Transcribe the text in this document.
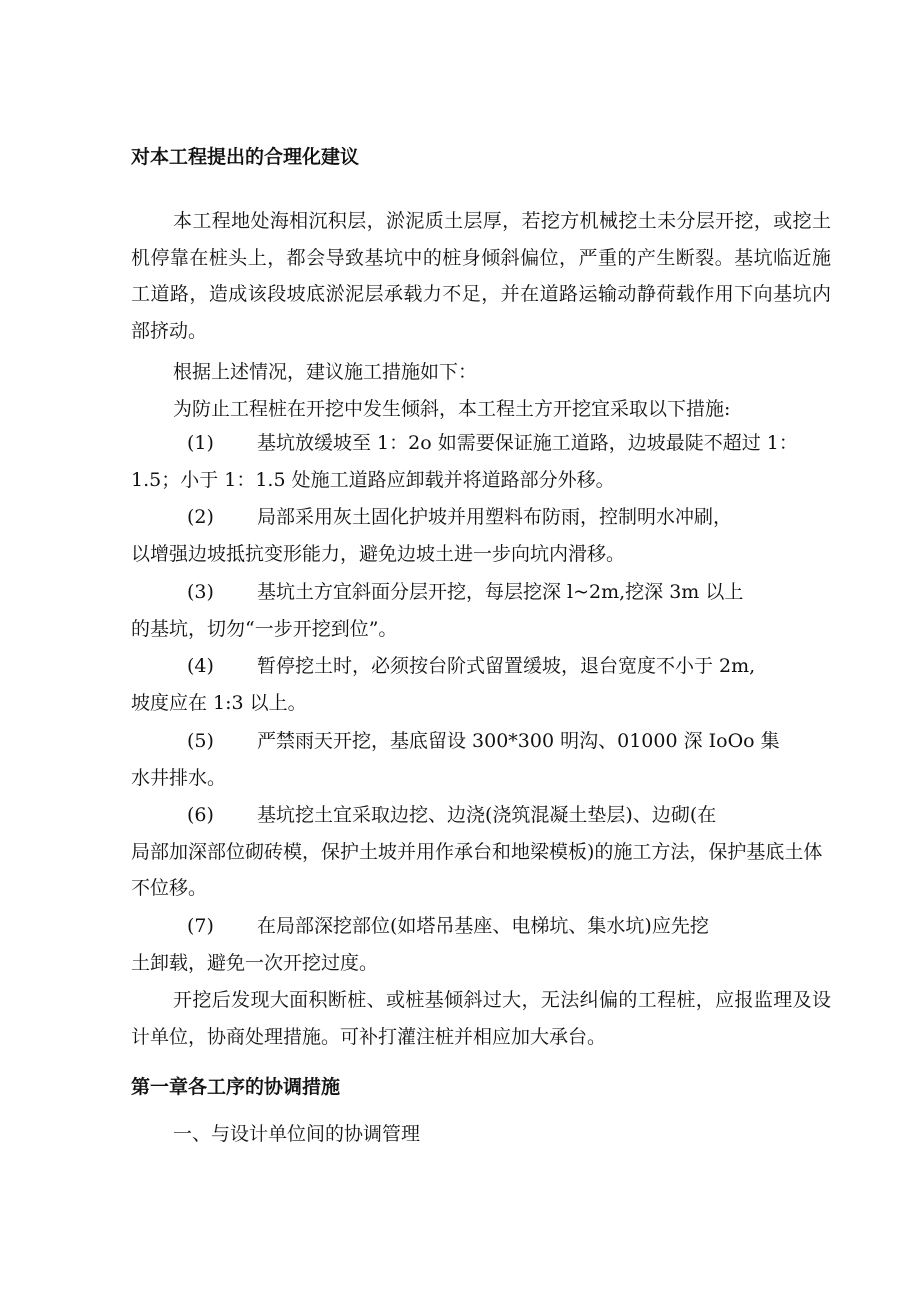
对本工程提出的合理化建议

本工程地处海相沉积层，淤泥质土层厚，若挖方机械挖土未分层开挖，或挖土机停靠在桩头上，都会导致基坑中的桩身倾斜偏位，严重的产生断裂。基坑临近施工道路，造成该段坡底淤泥层承载力不足，并在道路运输动静荷载作用下向基坑内部挤动。

根据上述情况，建议施工措施如下：

为防止工程桩在开挖中发生倾斜，本工程土方开挖宜采取以下措施:

(1) 基坑放缓坡至 1：2o 如需要保证施工道路，边坡最陡不超过 1：
1.5；小于 1：1.5 处施工道路应卸载并将道路部分外移。
(2) 局部采用灰土固化护坡并用塑料布防雨，控制明水冲刷，
以增强边坡抵抗变形能力，避免边坡土进一步向坑内滑移。
(3) 基坑土方宜斜面分层开挖，每层挖深 l~2m,挖深 3m 以上
的基坑，切勿“一步开挖到位”。
(4) 暂停挖土时，必须按台阶式留置缓坡，退台宽度不小于 2m,
坡度应在 1:3 以上。
(5) 严禁雨天开挖，基底留设 300*300 明沟、01000 深 IoOo 集
水井排水。
(6) 基坑挖土宜采取边挖、边浇(浇筑混凝土垫层)、边砌(在
局部加深部位砌砖模，保护土坡并用作承台和地梁模板)的施工方法，保护基底土体不位移。
(7) 在局部深挖部位(如塔吊基座、电梯坑、集水坑)应先挖
土卸载，避免一次开挖过度。

开挖后发现大面积断桩、或桩基倾斜过大，无法纠偏的工程桩，应报监理及设计单位，协商处理措施。可补打灌注桩并相应加大承台。

第一章各工序的协调措施

一、与设计单位间的协调管理
